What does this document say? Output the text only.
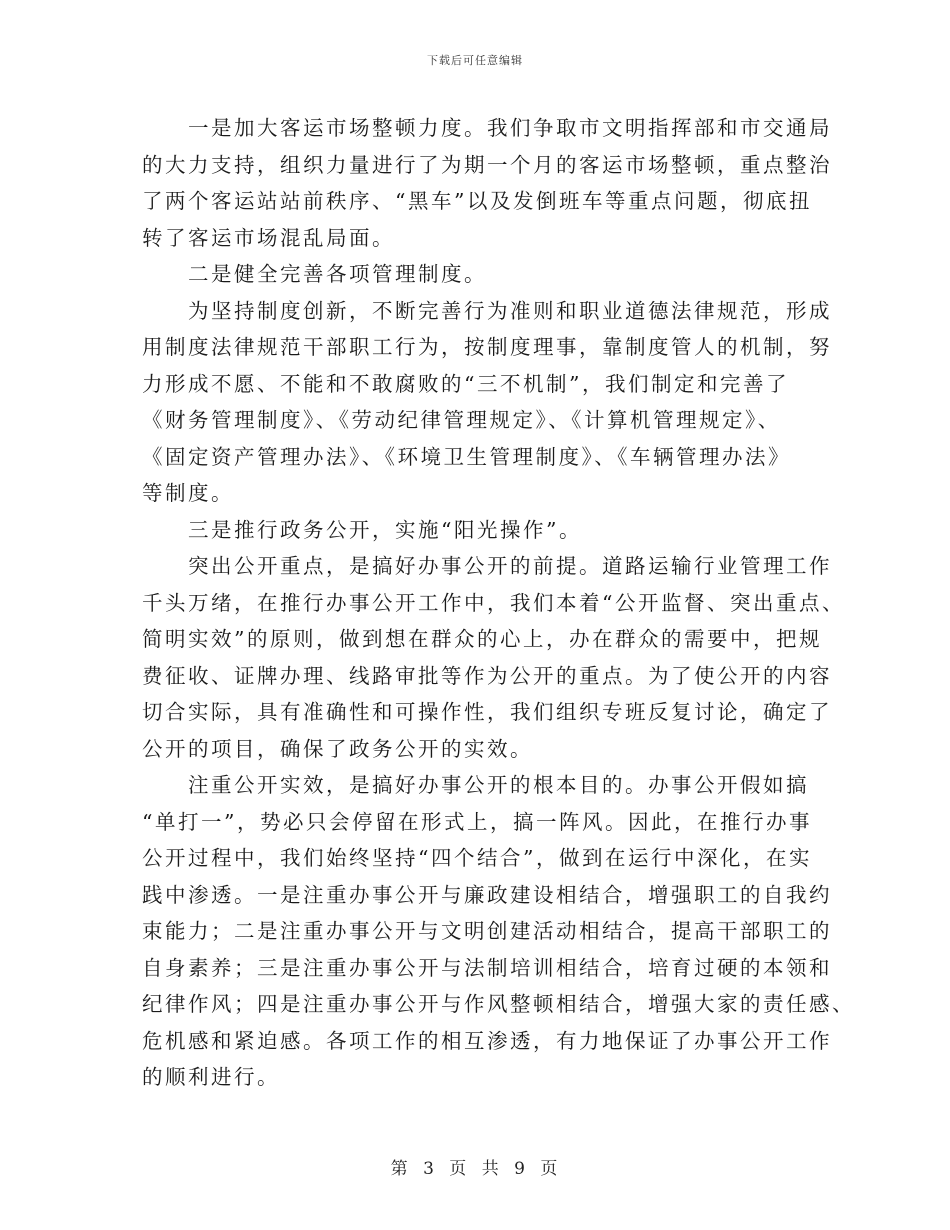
下载后可任意编辑

一是加大客运市场整顿力度。我们争取市文明指挥部和市交通局
的大力支持，组织力量进行了为期一个月的客运市场整顿，重点整治
了两个客运站站前秩序、“黑车”以及发倒班车等重点问题，彻底扭
转了客运市场混乱局面。

二是健全完善各项管理制度。

为坚持制度创新，不断完善行为准则和职业道德法律规范，形成
用制度法律规范干部职工行为，按制度理事，靠制度管人的机制，努
力形成不愿、不能和不敢腐败的“三不机制”，我们制定和完善了
《财务管理制度》、《劳动纪律管理规定》、《计算机管理规定》、
《固定资产管理办法》、《环境卫生管理制度》、《车辆管理办法》
等制度。

三是推行政务公开，实施“阳光操作”。

突出公开重点，是搞好办事公开的前提。道路运输行业管理工作
千头万绪，在推行办事公开工作中，我们本着“公开监督、突出重点、
简明实效”的原则，做到想在群众的心上，办在群众的需要中，把规
费征收、证牌办理、线路审批等作为公开的重点。为了使公开的内容
切合实际，具有准确性和可操作性，我们组织专班反复讨论，确定了
公开的项目，确保了政务公开的实效。

注重公开实效，是搞好办事公开的根本目的。办事公开假如搞
“单打一”，势必只会停留在形式上，搞一阵风。因此，在推行办事
公开过程中，我们始终坚持“四个结合”，做到在运行中深化，在实
践中渗透。一是注重办事公开与廉政建设相结合，增强职工的自我约
束能力；二是注重办事公开与文明创建活动相结合，提高干部职工的
自身素养；三是注重办事公开与法制培训相结合，培育过硬的本领和
纪律作风；四是注重办事公开与作风整顿相结合，增强大家的责任感、
危机感和紧迫感。各项工作的相互渗透，有力地保证了办事公开工作
的顺利进行。

第 3 页 共 9 页
